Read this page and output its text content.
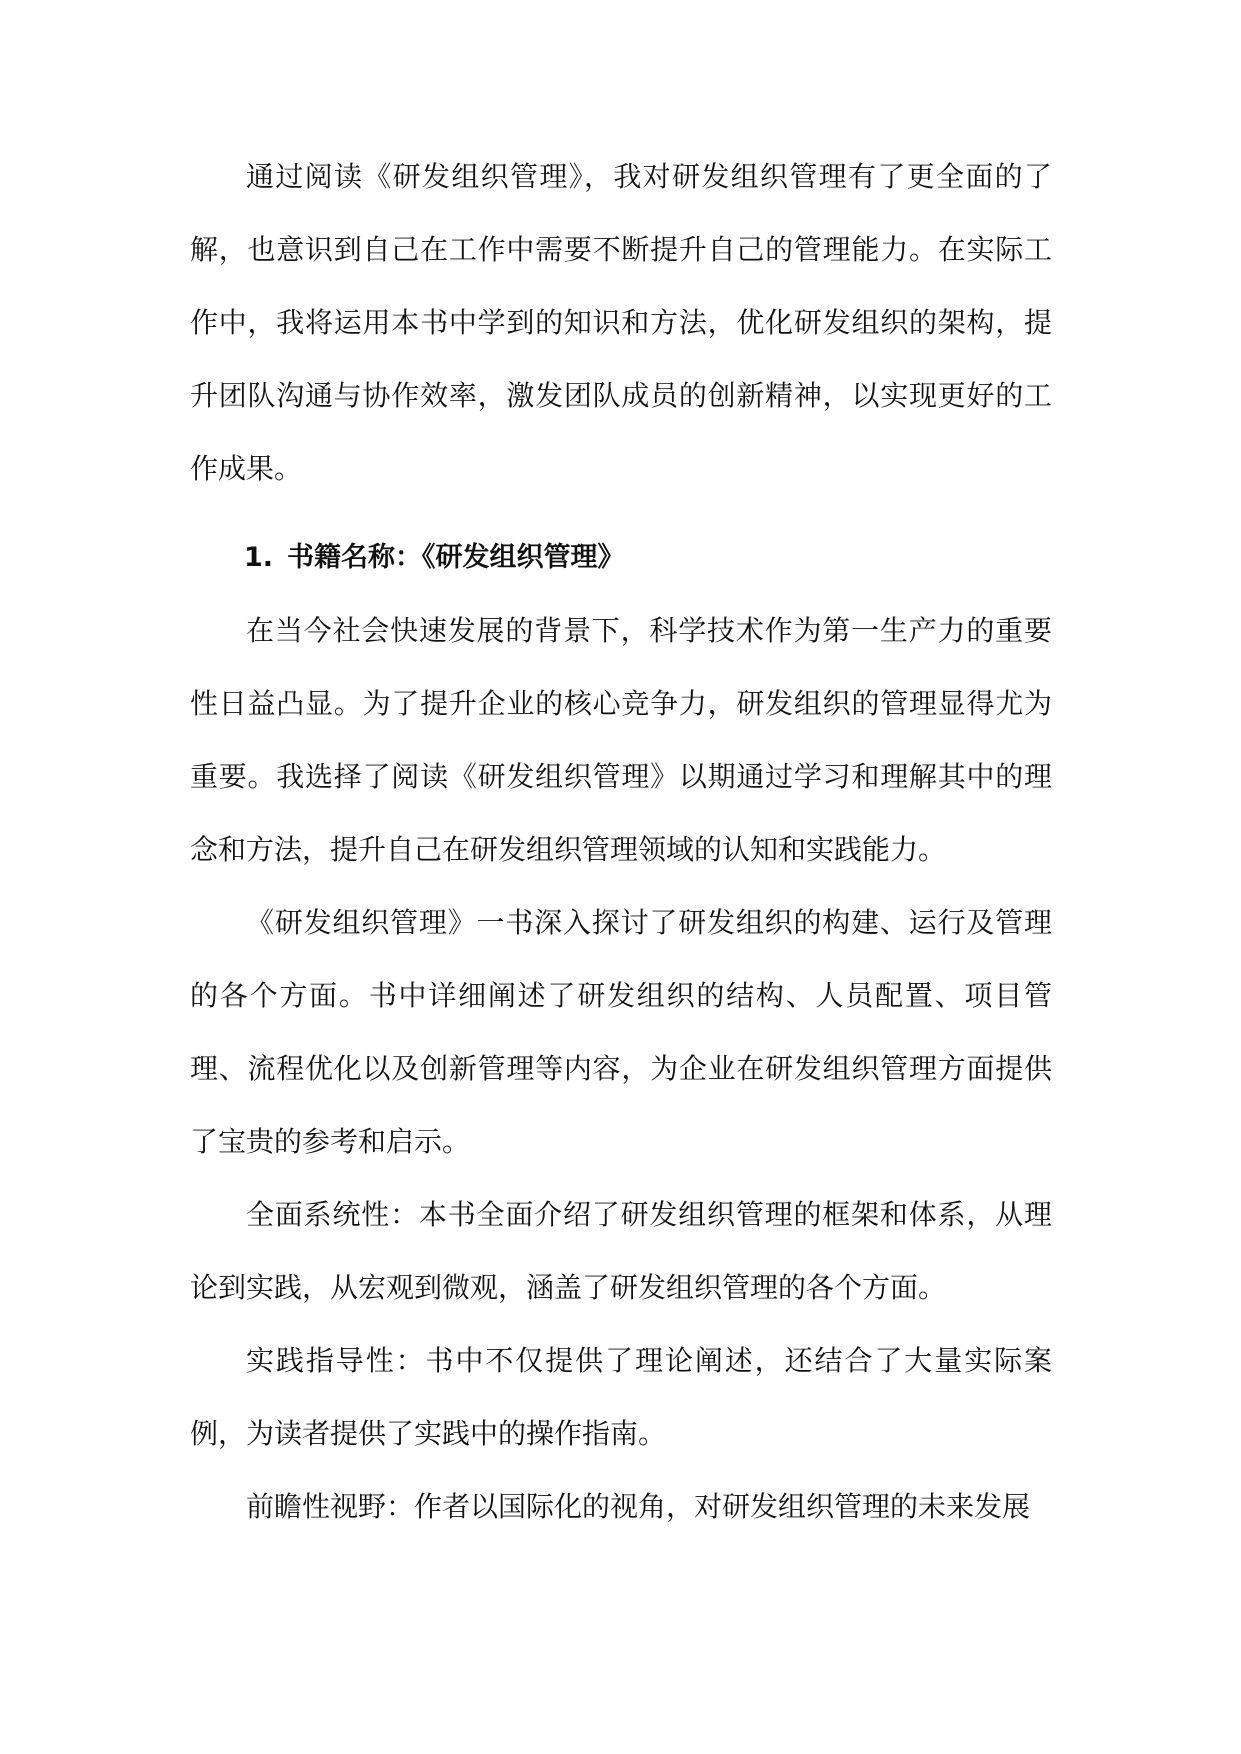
通过阅读《研发组织管理》，我对研发组织管理有了更全面的了解，也意识到自己在工作中需要不断提升自己的管理能力。在实际工作中，我将运用本书中学到的知识和方法，优化研发组织的架构，提升团队沟通与协作效率，激发团队成员的创新精神，以实现更好的工作成果。

1. 书籍名称：《研发组织管理》

在当今社会快速发展的背景下，科学技术作为第一生产力的重要性日益凸显。为了提升企业的核心竞争力，研发组织的管理显得尤为重要。我选择了阅读《研发组织管理》以期通过学习和理解其中的理念和方法，提升自己在研发组织管理领域的认知和实践能力。

《研发组织管理》一书深入探讨了研发组织的构建、运行及管理的各个方面。书中详细阐述了研发组织的结构、人员配置、项目管理、流程优化以及创新管理等内容，为企业在研发组织管理方面提供了宝贵的参考和启示。

全面系统性：本书全面介绍了研发组织管理的框架和体系，从理论到实践，从宏观到微观，涵盖了研发组织管理的各个方面。

实践指导性：书中不仅提供了理论阐述，还结合了大量实际案例，为读者提供了实践中的操作指南。

前瞻性视野：作者以国际化的视角，对研发组织管理的未来发展
